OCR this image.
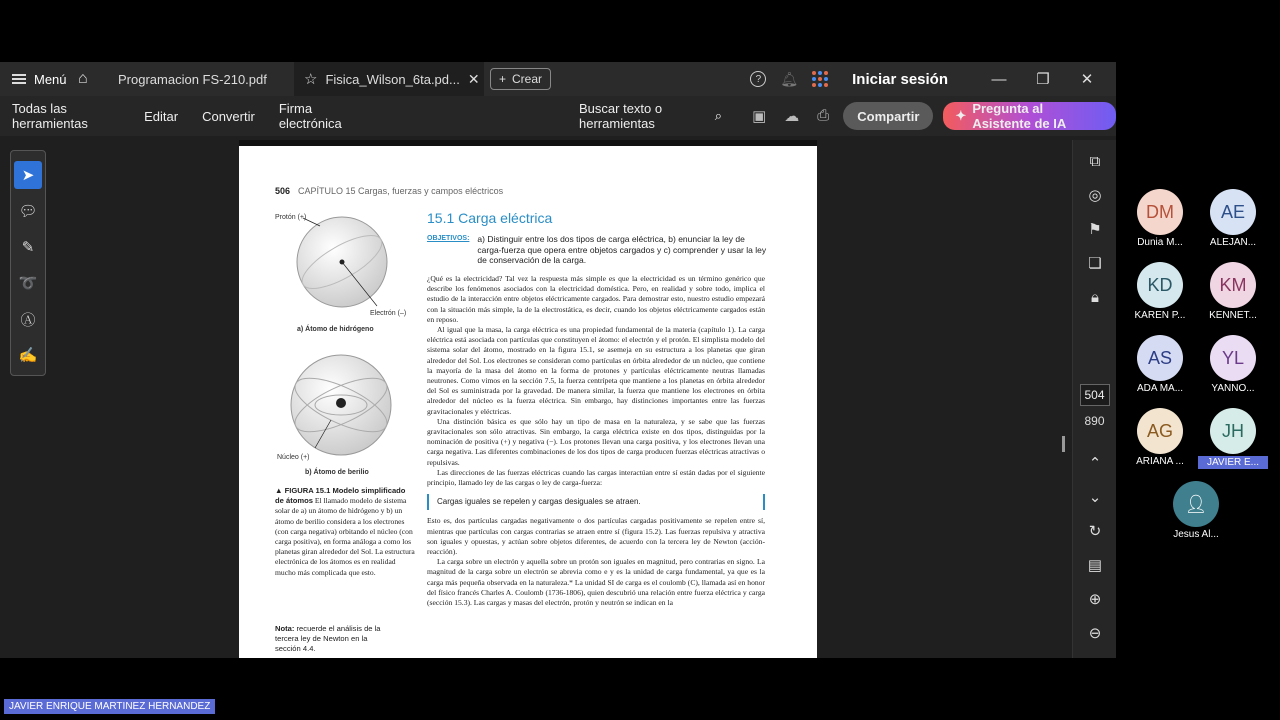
Menú ⌂	Programacion FS-210.pdf ☆ Fisica_Wilson_6ta.pd... ✕ + Crear	?	🔔︎	Iniciar sesión	—	❐	✕
Todas las herramientas	Editar	Convertir	Firma electrónica
Buscar texto o herramientas
⌕ ▣ ☁ ⎙	Compartir	✦ Pregunta al Asistente de IA
➤
💬︎
✎
➰
Ⓐ
✍
506 CAPÍTULO 15 Cargas, fuerzas y campos eléctricos
Protón (+)
Electrón (–)
a) Átomo de hidrógeno
Núcleo (+)
b) Átomo de berilio
▲ FIGURA 15.1 Modelo simplificado de átomos El llamado modelo de sistema solar de a) un átomo de hidrógeno y b) un átomo de berilio considera a los electrones (con carga negativa) orbitando el núcleo (con carga positiva), en forma análoga a como los planetas giran alrededor del Sol. La estructura electrónica de los átomos es en realidad mucho más complicada que esto.
Nota: recuerde el análisis de la tercera ley de Newton en la sección 4.4.
15.1 Carga eléctrica
OBJETIVOS: a) Distinguir entre los dos tipos de carga eléctrica, b) enunciar la ley de carga-fuerza que opera entre objetos cargados y c) comprender y usar la ley de conservación de la carga.

¿Qué es la electricidad? Tal vez la respuesta más simple es que la electricidad es un término genérico que describe los fenómenos asociados con la electricidad doméstica. Pero, en realidad y sobre todo, implica el estudio de la interacción entre objetos eléctricamente cargados. Para demostrar esto, nuestro estudio empezará con la situación más simple, la de la electrostática, es decir, cuando los objetos eléctricamente cargados están en reposo.

Al igual que la masa, la carga eléctrica es una propiedad fundamental de la materia (capítulo 1). La carga eléctrica está asociada con partículas que constituyen el átomo: el electrón y el protón. El simplista modelo del sistema solar del átomo, mostrado en la figura 15.1, se asemeja en su estructura a los planetas que giran alrededor del Sol. Los electrones se consideran como partículas en órbita alrededor de un núcleo, que contiene la mayoría de la masa del átomo en la forma de protones y partículas eléctricamente neutras llamadas neutrones. Como vimos en la sección 7.5, la fuerza centrípeta que mantiene a los planetas en órbita alrededor del Sol es suministrada por la gravedad. De manera similar, la fuerza que mantiene los electrones en órbita alrededor del núcleo es la fuerza eléctrica. Sin embargo, hay distinciones importantes entre las fuerzas gravitacionales y eléctricas.

Una distinción básica es que sólo hay un tipo de masa en la naturaleza, y se sabe que las fuerzas gravitacionales son sólo atractivas. Sin embargo, la carga eléctrica existe en dos tipos, distinguidas por la nominación de positiva (+) y negativa (−). Los protones llevan una carga positiva, y los electrones llevan una carga negativa. Las diferentes combinaciones de los dos tipos de carga producen fuerzas eléctricas atractivas o repulsivas.

Las direcciones de las fuerzas eléctricas cuando las cargas interactúan entre sí están dadas por el siguiente principio, llamado ley de las cargas o ley de carga-fuerza:

Cargas iguales se repelen y cargas desiguales se atraen.

Esto es, dos partículas cargadas negativamente o dos partículas cargadas positivamente se repelen entre sí, mientras que partículas con cargas contrarias se atraen entre sí (figura 15.2). Las fuerzas repulsiva y atractiva son iguales y opuestas, y actúan sobre objetos diferentes, de acuerdo con la tercera ley de Newton (acción-reacción).

La carga sobre un electrón y aquella sobre un protón son iguales en magnitud, pero contrarias en signo. La magnitud de la carga sobre un electrón se abrevia como e y es la unidad de carga fundamental, ya que es la carga más pequeña observada en la naturaleza.* La unidad SI de carga es el coulomb (C), llamada así en honor del físico francés Charles A. Coulomb (1736-1806), quien descubrió una relación entre fuerza eléctrica y carga (sección 15.3). Las cargas y masas del electrón, protón y neutrón se indican en la

⧉
◎
⚑
❏
🔒︎
504
890
⌃
⌄
↻
▤
⊕
⊖
DM
Dunia M...
AE
ALEJAN...
KD
KAREN P...
KM
KENNET...
AS
ADA MA...
YL
YANNO...
AG
ARIANA ...
JH
JAVIER E...
👤︎
Jesus Al...
JAVIER ENRIQUE MARTINEZ HERNANDEZ
